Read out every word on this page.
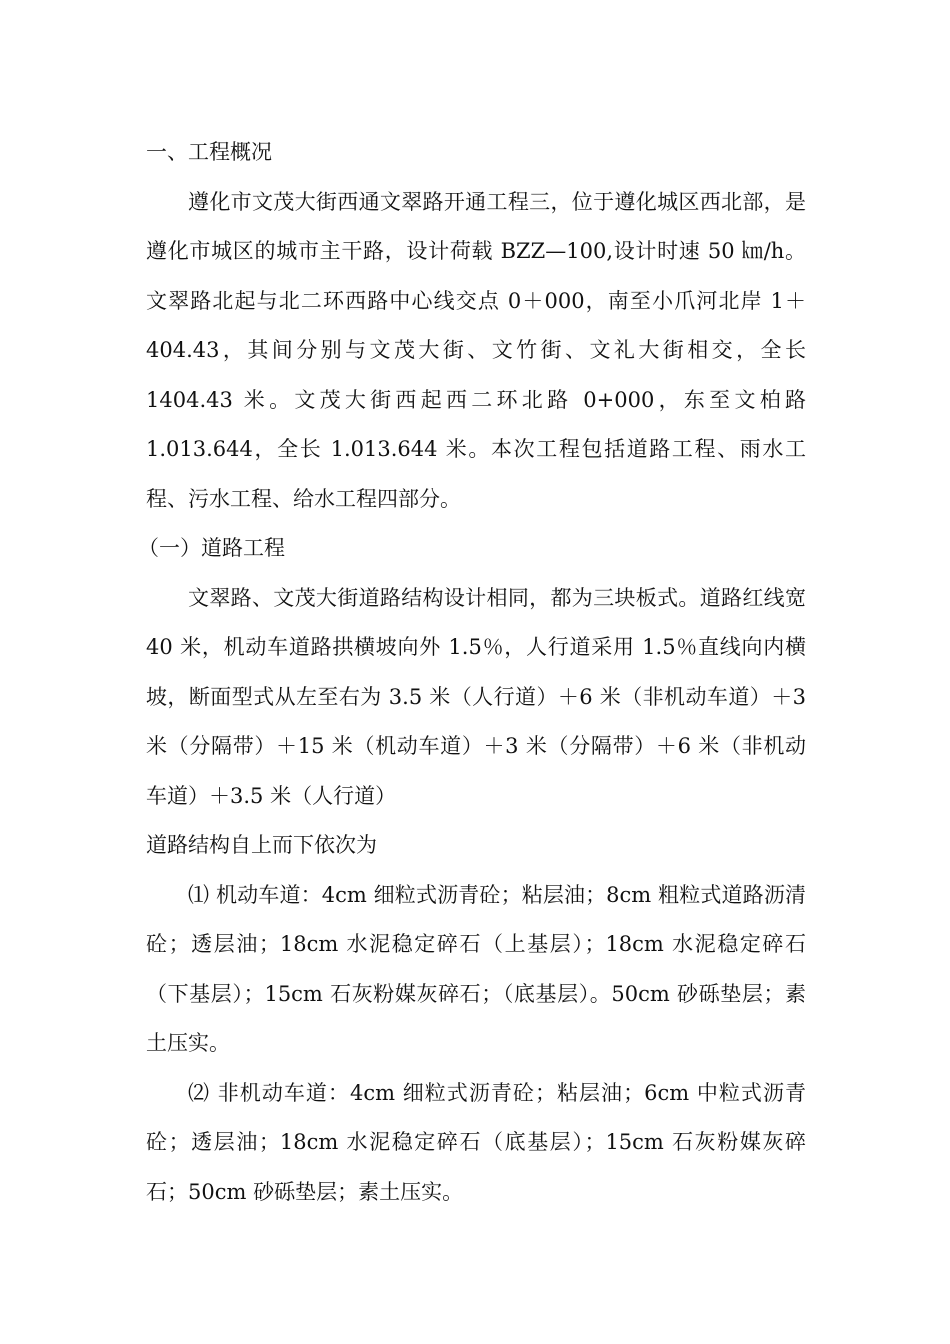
一、工程概况

遵化市文茂大街西通文翠路开通工程三，位于遵化城区西北部，是遵化市城区的城市主干路，设计荷载 BZZ—100,设计时速 50 ㎞/h。文翠路北起与北二环西路中心线交点 0＋000，南至小爪河北岸 1＋404.43，其间分别与文茂大街、文竹街、文礼大街相交，全长 1404.43 米。文茂大街西起西二环北路 0+000，东至文柏路 1.013.644，全长 1.013.644 米。本次工程包括道路工程、雨水工程、污水工程、给水工程四部分。

（一）道路工程

文翠路、文茂大街道路结构设计相同，都为三块板式。道路红线宽 40 米，机动车道路拱横坡向外 1.5％，人行道采用 1.5％直线向内横坡，断面型式从左至右为 3.5 米（人行道）＋6 米（非机动车道）＋3 米（分隔带）＋15 米（机动车道）＋3 米（分隔带）＋6 米（非机动车道）＋3.5 米（人行道）

道路结构自上而下依次为

⑴ 机动车道：4cm 细粒式沥青砼；粘层油；8cm 粗粒式道路沥清砼；透层油；18cm 水泥稳定碎石（上基层）；18cm 水泥稳定碎石（下基层）；15cm 石灰粉媒灰碎石；（底基层）。50cm 砂砾垫层；素土压实。

⑵ 非机动车道：4cm 细粒式沥青砼；粘层油；6cm 中粒式沥青砼；透层油；18cm 水泥稳定碎石（底基层）；15cm 石灰粉媒灰碎石；50cm 砂砾垫层；素土压实。
